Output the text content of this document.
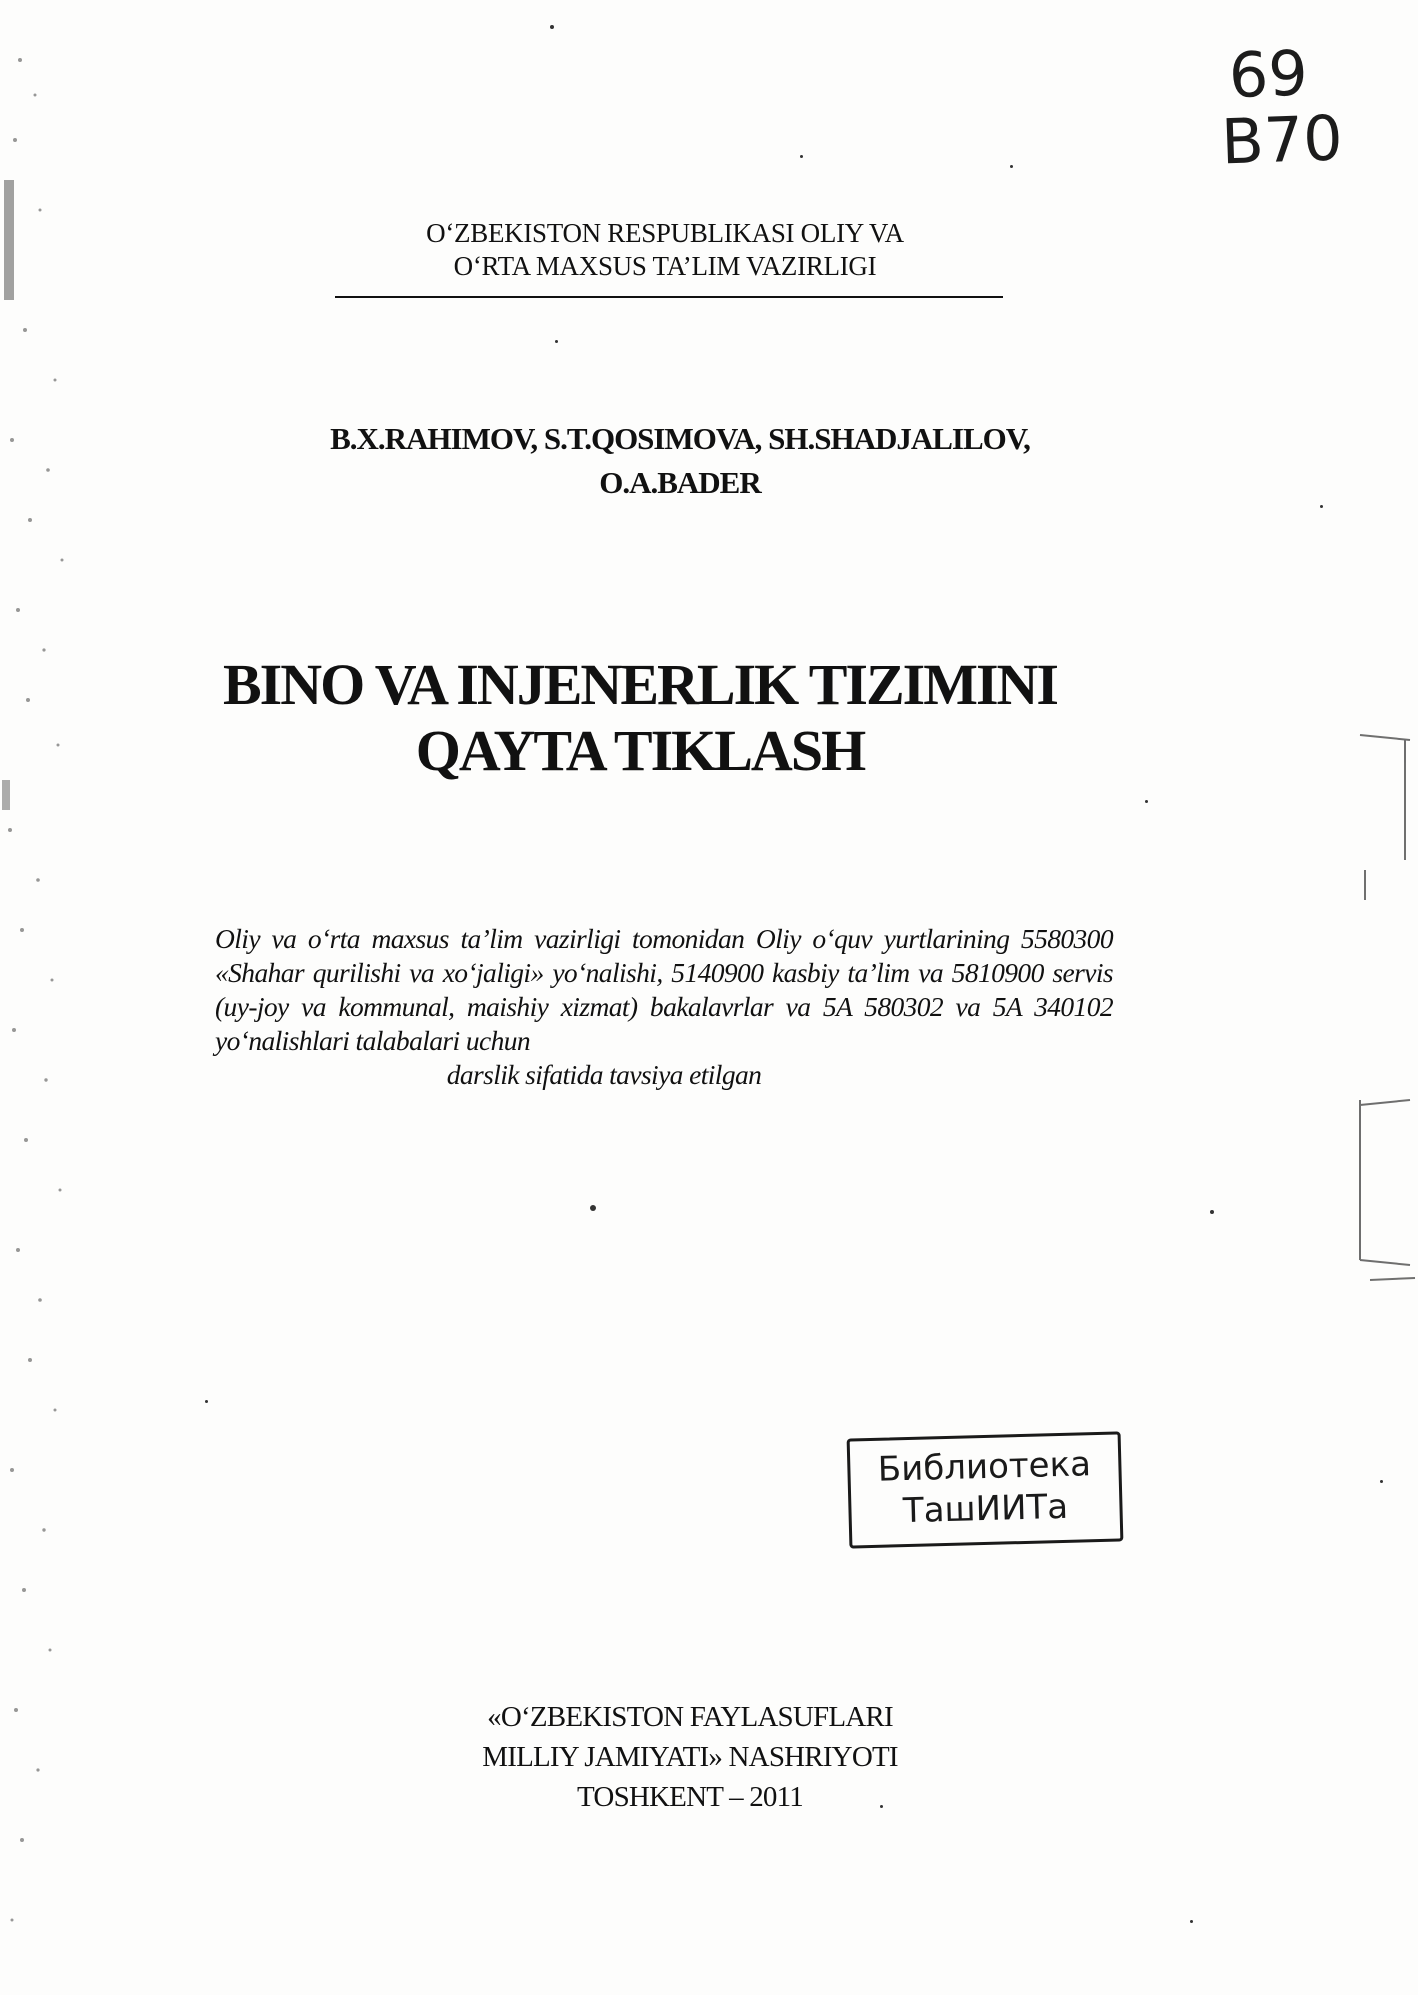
69
B70
O‘ZBEKISTON RESPUBLIKASI OLIY VA
O‘RTA MAXSUS TA’LIM VAZIRLIGI
B.X.RAHIMOV, S.T.QOSIMOVA, SH.SHADJALILOV,
O.A.BADER
BINO VA INJENERLIK TIZIMINI
QAYTA TIKLASH
Oliy va o‘rta maxsus ta’lim vazirligi tomonidan Oliy o‘quv yurtlarining 5580300 «Shahar qurilishi va xo‘jaligi» yo‘nalishi, 5140900 kasbiy ta’lim va 5810900 servis (uy-joy va kommunal, maishiy xizmat) bakalavrlar va 5A 580302 va 5A 340102 yo‘nalishlari talabalari uchun
darslik sifatida tavsiya etilgan
Библиотека
ТашИИТа
«O‘ZBEKISTON FAYLASUFLARI
MILLIY JAMIYATI» NASHRIYOTI
TOSHKENT – 2011
